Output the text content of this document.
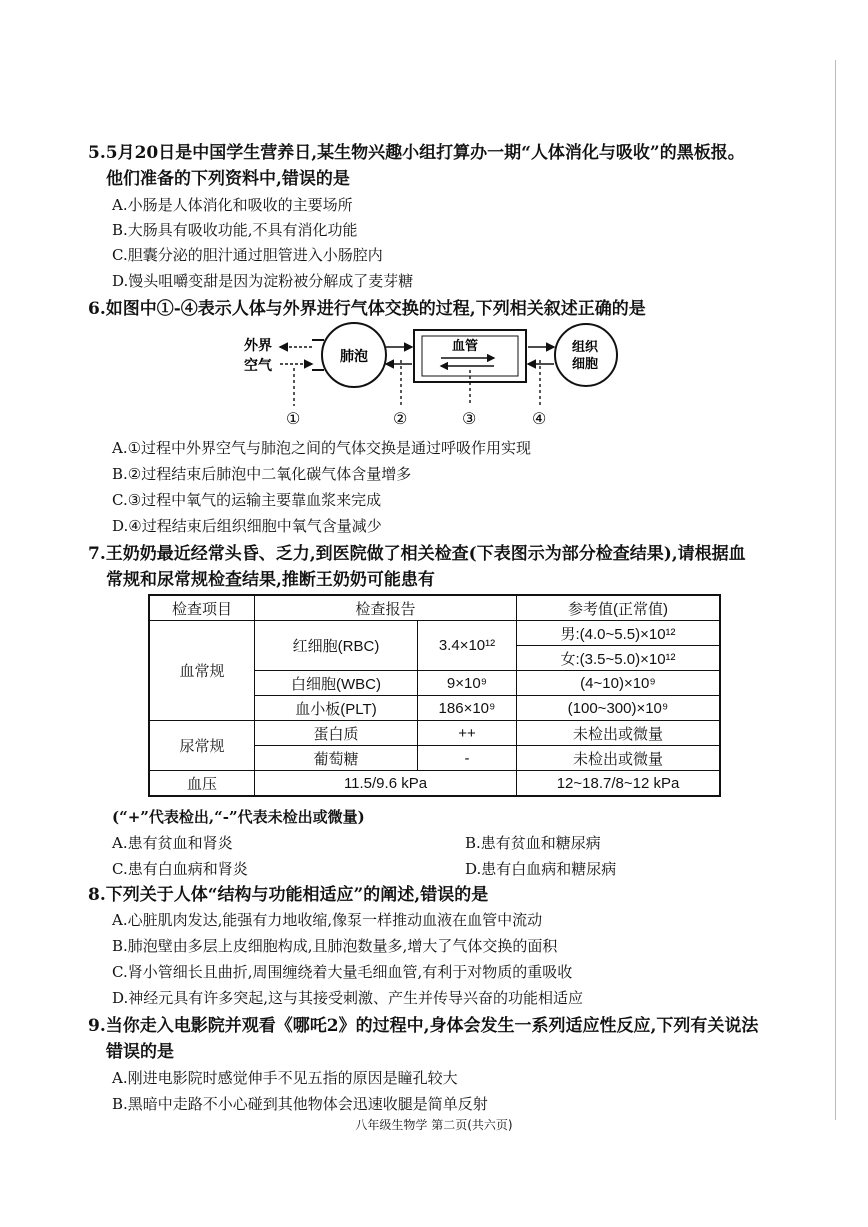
5.5月20日是中国学生营养日,某生物兴趣小组打算办一期“人体消化与吸收”的黑板报。
他们准备的下列资料中,错误的是
A.小肠是人体消化和吸收的主要场所
B.大肠具有吸收功能,不具有消化功能
C.胆囊分泌的胆汁通过胆管进入小肠腔内
D.馒头咀嚼变甜是因为淀粉被分解成了麦芽糖
6.如图中①-④表示人体与外界进行气体交换的过程,下列相关叙述正确的是
外界
空气
肺泡
血管	组织
细胞
①	②	③	④
A.①过程中外界空气与肺泡之间的气体交换是通过呼吸作用实现
B.②过程结束后肺泡中二氧化碳气体含量增多
C.③过程中氧气的运输主要靠血浆来完成
D.④过程结束后组织细胞中氧气含量减少
7.王奶奶最近经常头昏、乏力,到医院做了相关检查(下表图示为部分检查结果),请根据血
常规和尿常规检查结果,推断王奶奶可能患有
检查项目	检查报告		参考值(正常值)
血常规	红细胞(RBC)	3.4×10¹²	男:(4.0~5.5)×10¹²
			女:(3.5~5.0)×10¹²
	白细胞(WBC)	9×10⁹	(4~10)×10⁹
	血小板(PLT)	186×10⁹	(100~300)×10⁹
尿常规	蛋白质	++	未检出或微量
	葡萄糖	-	未检出或微量
血压	11.5/9.6 kPa		12~18.7/8~12 kPa
(“+”代表检出,“-”代表未检出或微量)
A.患有贫血和肾炎	B.患有贫血和糖尿病
C.患有白血病和肾炎	D.患有白血病和糖尿病
8.下列关于人体“结构与功能相适应”的阐述,错误的是
A.心脏肌肉发达,能强有力地收缩,像泵一样推动血液在血管中流动
B.肺泡壁由多层上皮细胞构成,且肺泡数量多,增大了气体交换的面积
C.肾小管细长且曲折,周围缠绕着大量毛细血管,有利于对物质的重吸收
D.神经元具有许多突起,这与其接受刺激、产生并传导兴奋的功能相适应
9.当你走入电影院并观看《哪吒2》的过程中,身体会发生一系列适应性反应,下列有关说法
错误的是
A.刚进电影院时感觉伸手不见五指的原因是瞳孔较大
B.黑暗中走路不小心碰到其他物体会迅速收腿是简单反射
八年级生物学 第二页(共六页)
